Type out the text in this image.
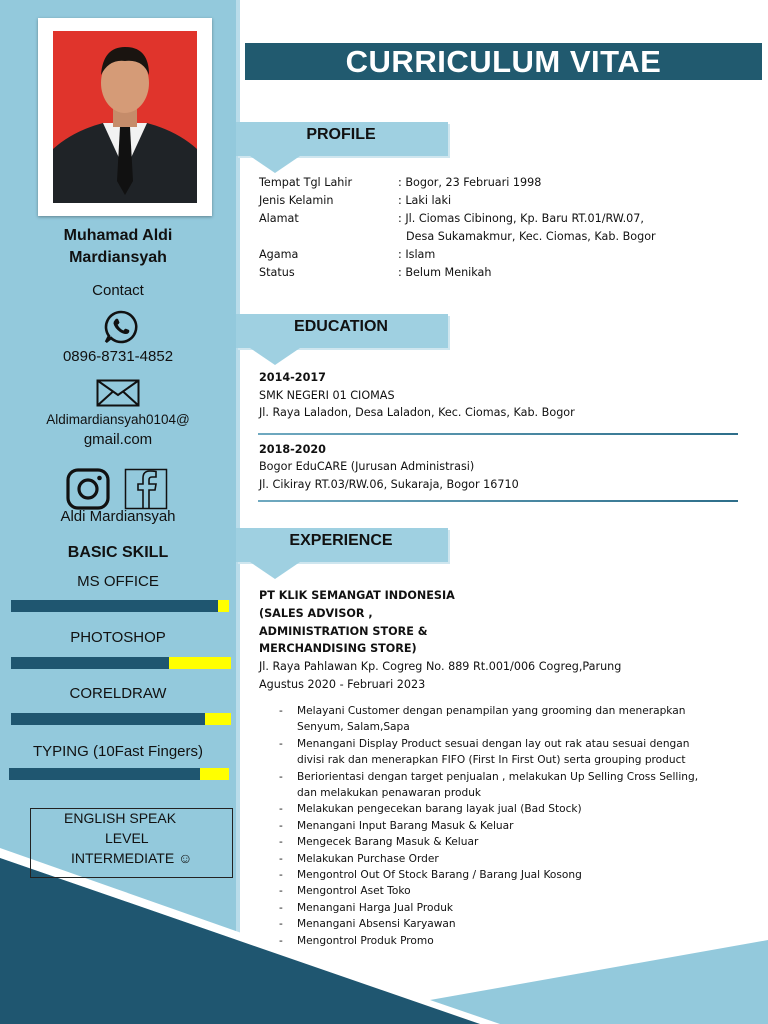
Muhamad Aldi
Mardiansyah
Contact
0896-8731-4852
Aldimardiansyah0104@
gmail.com
Aldi Mardiansyah
BASIC SKILL
MS OFFICE
PHOTOSHOP
CORELDRAW
TYPING (10Fast Fingers)
ENGLISH SPEAK
LEVEL
INTERMEDIATE ☺
CURRICULUM VITAE
PROFILE
Tempat Tgl Lahir	: Bogor, 23 Februari 1998
Jenis Kelamin	: Laki laki
Alamat	: Jl. Ciomas Cibinong, Kp. Baru RT.01/RW.07,
Desa Sukamakmur, Kec. Ciomas, Kab. Bogor
Agama	: Islam
Status	: Belum Menikah
EDUCATION
2014-2017
SMK NEGERI 01 CIOMAS
Jl. Raya Laladon, Desa Laladon, Kec. Ciomas, Kab. Bogor
2018-2020
Bogor EduCARE (Jurusan Administrasi)
Jl. Cikiray RT.03/RW.06, Sukaraja, Bogor 16710
EXPERIENCE
PT KLIK SEMANGAT INDONESIA
(SALES ADVISOR ,
ADMINISTRATION STORE &
MERCHANDISING STORE)
Jl. Raya Pahlawan Kp. Cogreg No. 889 Rt.001/006 Cogreg,Parung
Agustus 2020 - Februari 2023
- Melayani Customer dengan penampilan yang grooming dan menerapkan
Senyum, Salam,Sapa
- Menangani Display Product sesuai dengan lay out rak atau sesuai dengan
divisi rak dan menerapkan FIFO (First In First Out) serta grouping product
- Beriorientasi dengan target penjualan , melakukan Up Selling Cross Selling,
dan melakukan penawaran produk
- Melakukan pengecekan barang layak jual (Bad Stock)
- Menangani Input Barang Masuk & Keluar
- Mengecek Barang Masuk & Keluar
- Melakukan Purchase Order
- Mengontrol Out Of Stock Barang / Barang Jual Kosong
- Mengontrol Aset Toko
- Menangani Harga Jual Produk
- Menangani Absensi Karyawan
- Mengontrol Produk Promo
